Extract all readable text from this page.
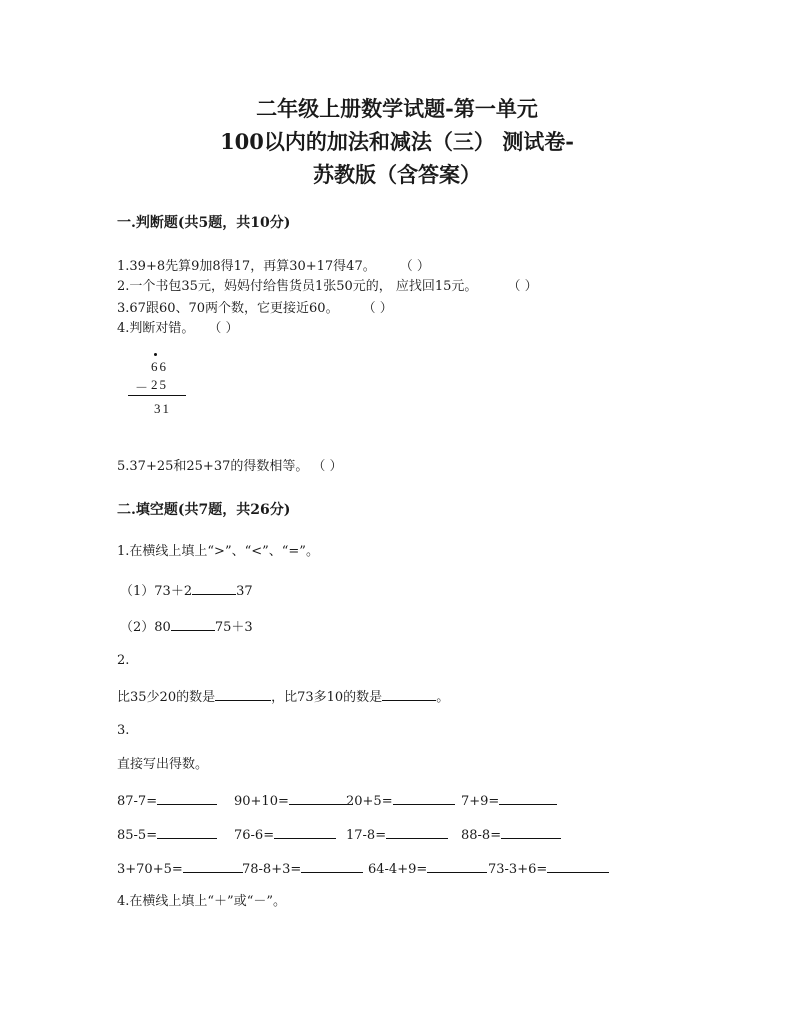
二年级上册数学试题-第一单元
100以内的加法和减法（三） 测试卷-
苏教版（含答案）
一.判断题(共5题，共10分)
1.39+8先算9加8得17，再算30+17得47。 （ ）
2.一个书包35元，妈妈付给售货员1张50元的， 应找回15元。 （ ）
3.67跟60、70两个数，它更接近60。 （ ）
4.判断对错。 （ ）
66
－ 25
31
5.37+25和25+37的得数相等。 （ ）
二.填空题(共7题，共26分)
1.在横线上填上“>”、“<”、“=”。
（1）73＋2	37
（2）80	75＋3
2.
比35少20的数是	，比73多10的数是	。
3.
直接写出得数。
87-7=	90+10=	20+5=	7+9=
85-5=	76-6=	17-8=	88-8=
3+70+5=	78-8+3=	64-4+9=	73-3+6=
4.在横线上填上“＋”或“－”。
